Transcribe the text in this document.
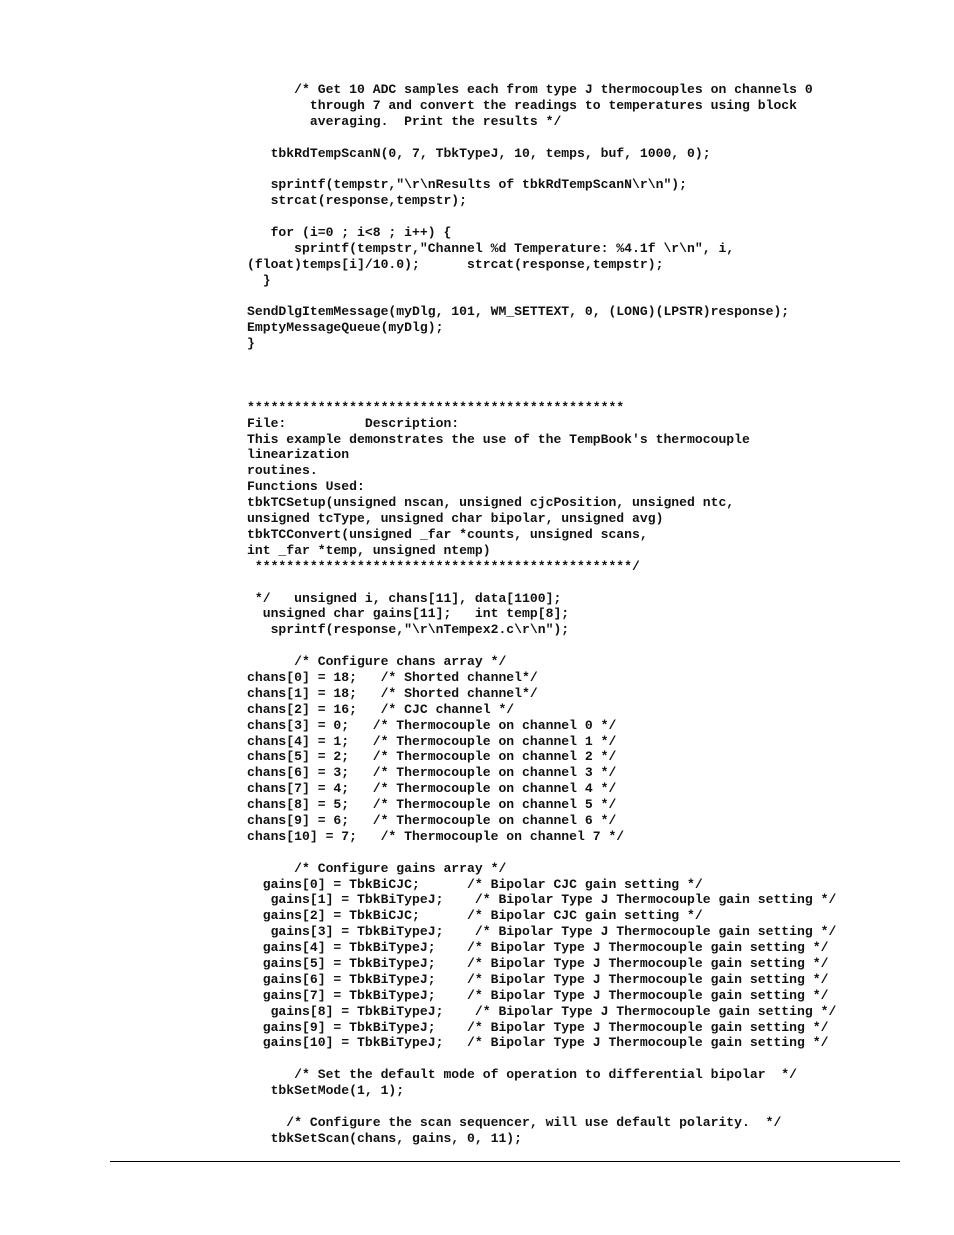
/* Get 10 ADC samples each from type J thermocouples on channels 0
through 7 and convert the readings to temperatures using block
averaging.  Print the results */
tbkRdTempScanN(0, 7, TbkTypeJ, 10, temps, buf, 1000, 0);
sprintf(tempstr,"\r\nResults of tbkRdTempScanN\r\n");
strcat(response,tempstr);
for (i=0 ; i<8 ; i++) {
sprintf(tempstr,"Channel %d Temperature: %4.1f \r\n", i,
(float)temps[i]/10.0);      strcat(response,tempstr);
}
SendDlgItemMessage(myDlg, 101, WM_SETTEXT, 0, (LONG)(LPSTR)response);
EmptyMessageQueue(myDlg);
}
************************************************
File:          Description:
This example demonstrates the use of the TempBook's thermocouple
linearization
routines.
Functions Used:
tbkTCSetup(unsigned nscan, unsigned cjcPosition, unsigned ntc,
unsigned tcType, unsigned char bipolar, unsigned avg)
tbkTCConvert(unsigned _far *counts, unsigned scans,
int _far *temp, unsigned ntemp)
************************************************/
*/   unsigned i, chans[11], data[1100];
unsigned char gains[11];   int temp[8];
sprintf(response,"\r\nTempex2.c\r\n");
/* Configure chans array */
chans[0] = 18;   /* Shorted channel*/
chans[1] = 18;   /* Shorted channel*/
chans[2] = 16;   /* CJC channel */
chans[3] = 0;   /* Thermocouple on channel 0 */
chans[4] = 1;   /* Thermocouple on channel 1 */
chans[5] = 2;   /* Thermocouple on channel 2 */
chans[6] = 3;   /* Thermocouple on channel 3 */
chans[7] = 4;   /* Thermocouple on channel 4 */
chans[8] = 5;   /* Thermocouple on channel 5 */
chans[9] = 6;   /* Thermocouple on channel 6 */
chans[10] = 7;   /* Thermocouple on channel 7 */
/* Configure gains array */
gains[0] = TbkBiCJC;      /* Bipolar CJC gain setting */
gains[1] = TbkBiTypeJ;    /* Bipolar Type J Thermocouple gain setting */
gains[2] = TbkBiCJC;      /* Bipolar CJC gain setting */
gains[3] = TbkBiTypeJ;    /* Bipolar Type J Thermocouple gain setting */
gains[4] = TbkBiTypeJ;    /* Bipolar Type J Thermocouple gain setting */
gains[5] = TbkBiTypeJ;    /* Bipolar Type J Thermocouple gain setting */
gains[6] = TbkBiTypeJ;    /* Bipolar Type J Thermocouple gain setting */
gains[7] = TbkBiTypeJ;    /* Bipolar Type J Thermocouple gain setting */
gains[8] = TbkBiTypeJ;    /* Bipolar Type J Thermocouple gain setting */
gains[9] = TbkBiTypeJ;    /* Bipolar Type J Thermocouple gain setting */
gains[10] = TbkBiTypeJ;   /* Bipolar Type J Thermocouple gain setting */
/* Set the default mode of operation to differential bipolar  */
tbkSetMode(1, 1);
/* Configure the scan sequencer, will use default polarity.  */
tbkSetScan(chans, gains, 0, 11);
